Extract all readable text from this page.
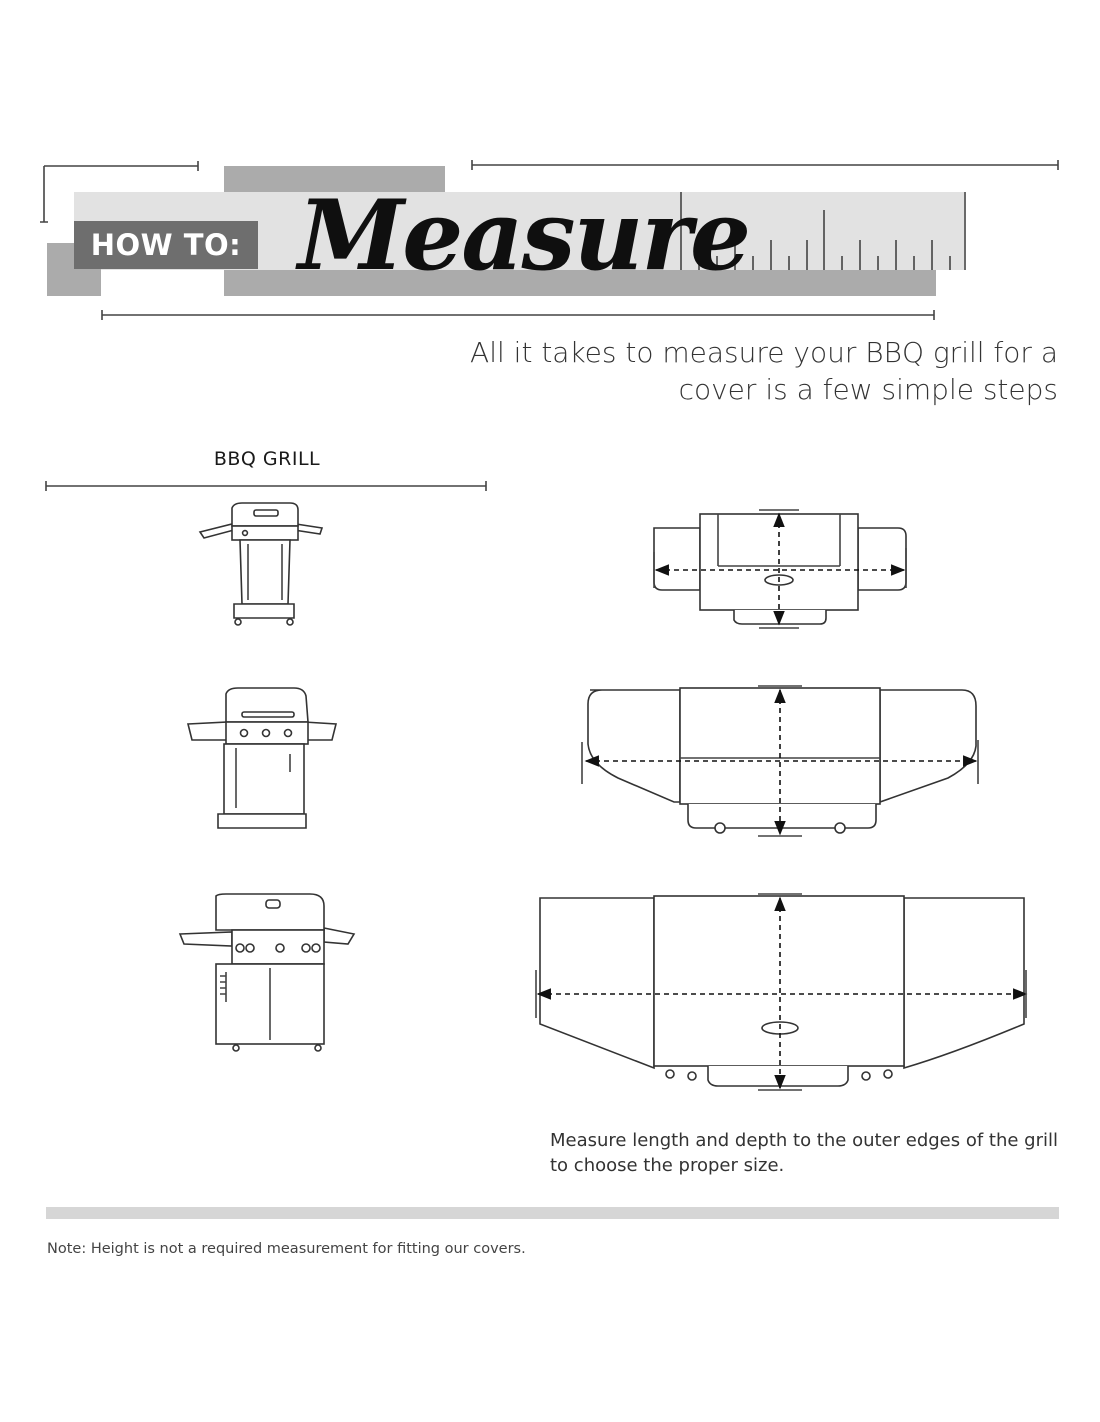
HOW TO: Measure
All it takes to measure your BBQ grill for a
cover is a few simple steps
BBQ GRILL
Measure length and depth to the outer edges of the grill to choose the proper size.
Note: Height is not a required measurement for fitting our covers.
